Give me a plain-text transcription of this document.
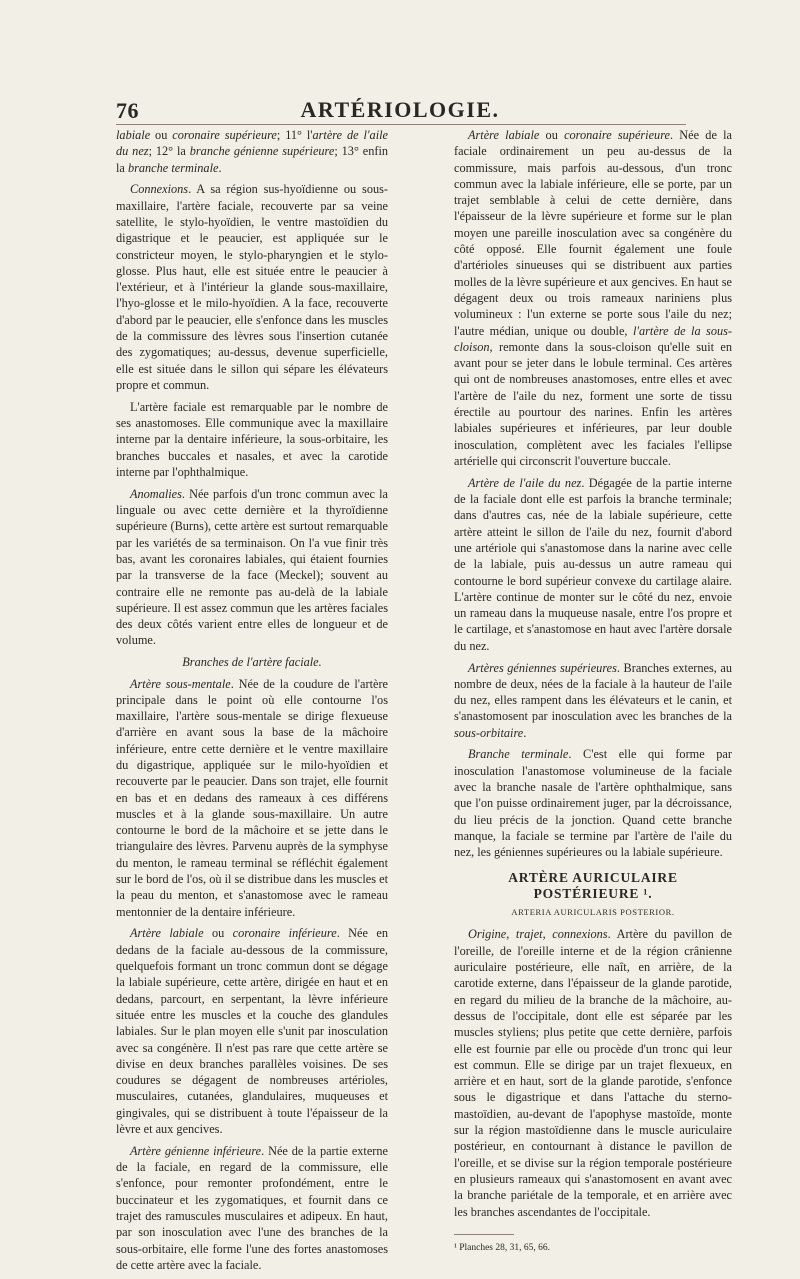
76	ARTÉRIOLOGIE.

labiale ou coronaire supérieure; 11° l'artère de l'aile du nez; 12° la branche génienne supérieure; 13° enfin la branche terminale.

Connexions. A sa région sus-hyoïdienne ou sous-maxillaire, l'artère faciale, recouverte par sa veine satellite, le stylo-hyoïdien, le ventre mastoïdien du digastrique et le peaucier, est appliquée sur le constricteur moyen, le stylo-pharyngien et le stylo-glosse. Plus haut, elle est située entre le peaucier à l'extérieur, et à l'intérieur la glande sous-maxillaire, l'hyo-glosse et le milo-hyoïdien. A la face, recouverte d'abord par le peaucier, elle s'enfonce dans les muscles de la commissure des lèvres sous l'insertion cutanée des zygomatiques; au-dessus, devenue superficielle, elle est située dans le sillon qui sépare les élévateurs propre et commun.

L'artère faciale est remarquable par le nombre de ses anastomoses. Elle communique avec la maxillaire interne par la dentaire inférieure, la sous-orbitaire, les branches buccales et nasales, et avec la carotide interne par l'ophthalmique.

Anomalies. Née parfois d'un tronc commun avec la linguale ou avec cette dernière et la thyroïdienne supérieure (Burns), cette artère est surtout remarquable par les variétés de sa terminaison. On l'a vue finir très bas, avant les coronaires labiales, qui étaient fournies par la transverse de la face (Meckel); souvent au contraire elle ne remonte pas au-delà de la labiale supérieure. Il est assez commun que les artères faciales des deux côtés varient entre elles de longueur et de volume.

Branches de l'artère faciale.

Artère sous-mentale. Née de la coudure de l'artère principale dans le point où elle contourne l'os maxillaire, l'artère sous-mentale se dirige flexueuse d'arrière en avant sous la base de la mâchoire inférieure, entre cette dernière et le ventre maxillaire du digastrique, appliquée sur le milo-hyoïdien et recouverte par le peaucier. Dans son trajet, elle fournit en bas et en dedans des rameaux à ces différens muscles et à la glande sous-maxillaire. Un autre contourne le bord de la mâchoire et se jette dans le triangulaire des lèvres. Parvenu auprès de la symphyse du menton, le rameau terminal se réfléchit également sur le bord de l'os, où il se distribue dans les muscles et la peau du menton, et s'anastomose avec le rameau mentonnier de la dentaire inférieure.

Artère labiale ou coronaire inférieure. Née en dedans de la faciale au-dessous de la commissure, quelquefois formant un tronc commun dont se dégage la labiale supérieure, cette artère, dirigée en haut et en dedans, parcourt, en serpentant, la lèvre inférieure située entre les muscles et la couche des glandules labiales. Sur le plan moyen elle s'unit par inosculation avec sa congénère. Il n'est pas rare que cette artère se divise en deux branches parallèles voisines. De ses coudures se dégagent de nombreuses artérioles, musculaires, cutanées, glandulaires, muqueuses et gingivales, qui se distribuent à toute l'épaisseur de la lèvre et aux gencives.

Artère génienne inférieure. Née de la partie externe de la faciale, en regard de la commissure, elle s'enfonce, pour remonter profondément, entre le buccinateur et les zygomatiques, et fournit dans ce trajet des ramuscules musculaires et adipeux. En haut, par son inosculation avec l'une des branches de la sous-orbitaire, elle forme l'une des fortes anastomoses de cette artère avec la faciale.

Artère labiale ou coronaire supérieure. Née de la faciale ordinairement un peu au-dessus de la commissure, mais parfois au-dessous, d'un tronc commun avec la labiale inférieure, elle se porte, par un trajet semblable à celui de cette dernière, dans l'épaisseur de la lèvre supérieure et forme sur le plan moyen une pareille inosculation avec sa congénère du côté opposé. Elle fournit également une foule d'artérioles sinueuses qui se distribuent aux parties molles de la lèvre supérieure et aux gencives. En haut se dégagent deux ou trois rameaux nariniens plus volumineux : l'un externe se porte sous l'aile du nez; l'autre médian, unique ou double, l'artère de la sous-cloison, remonte dans la sous-cloison qu'elle suit en avant pour se jeter dans le lobule terminal. Ces artères qui ont de nombreuses anastomoses, entre elles et avec l'artère de l'aile du nez, forment une sorte de tissu érectile au pourtour des narines. Enfin les artères labiales supérieures et inférieures, par leur double inosculation, complètent avec les faciales l'ellipse artérielle qui circonscrit l'ouverture buccale.

Artère de l'aile du nez. Dégagée de la partie interne de la faciale dont elle est parfois la branche terminale; dans d'autres cas, née de la labiale supérieure, cette artère atteint le sillon de l'aile du nez, fournit d'abord une artériole qui s'anastomose dans la narine avec celle de la labiale, puis au-dessus un autre rameau qui contourne le bord supérieur convexe du cartilage alaire. L'artère continue de monter sur le côté du nez, envoie un rameau dans la muqueuse nasale, entre l'os propre et le cartilage, et s'anastomose en haut avec l'artère dorsale du nez.

Artères géniennes supérieures. Branches externes, au nombre de deux, nées de la faciale à la hauteur de l'aile du nez, elles rampent dans les élévateurs et le canin, et s'anastomosent par inosculation avec les branches de la sous-orbitaire.

Branche terminale. C'est elle qui forme par inosculation l'anastomose volumineuse de la faciale avec la branche nasale de l'artère ophthalmique, sans que l'on puisse ordinairement juger, par la décroissance, du lieu précis de la jonction. Quand cette branche manque, la faciale se termine par l'artère de l'aile du nez, les géniennes supérieures ou la labiale supérieure.

ARTÈRE AURICULAIRE POSTÉRIEURE ¹.
ARTERIA AURICULARIS POSTERIOR.

Origine, trajet, connexions. Artère du pavillon de l'oreille, de l'oreille interne et de la région crânienne auriculaire postérieure, elle naît, en arrière, de la carotide externe, dans l'épaisseur de la glande parotide, en regard du milieu de la branche de la mâchoire, au-dessus de l'occipitale, dont elle est séparée par les muscles styliens; plus petite que cette dernière, parfois elle est fournie par elle ou procède d'un tronc qui leur est commun. Elle se dirige par un trajet flexueux, en arrière et en haut, sort de la glande parotide, s'enfonce sous le digastrique et dans l'attache du sterno-mastoïdien, au-devant de l'apophyse mastoïde, monte sur la région mastoïdienne dans le muscle auriculaire postérieur, en contournant à distance le pavillon de l'oreille, et se divise sur la région temporale postérieure en plusieurs rameaux qui s'anastomosent en avant avec la branche pariétale de la temporale, et en arrière avec les branches ascendantes de l'occipitale.

¹ Planches 28, 31, 65, 66.
